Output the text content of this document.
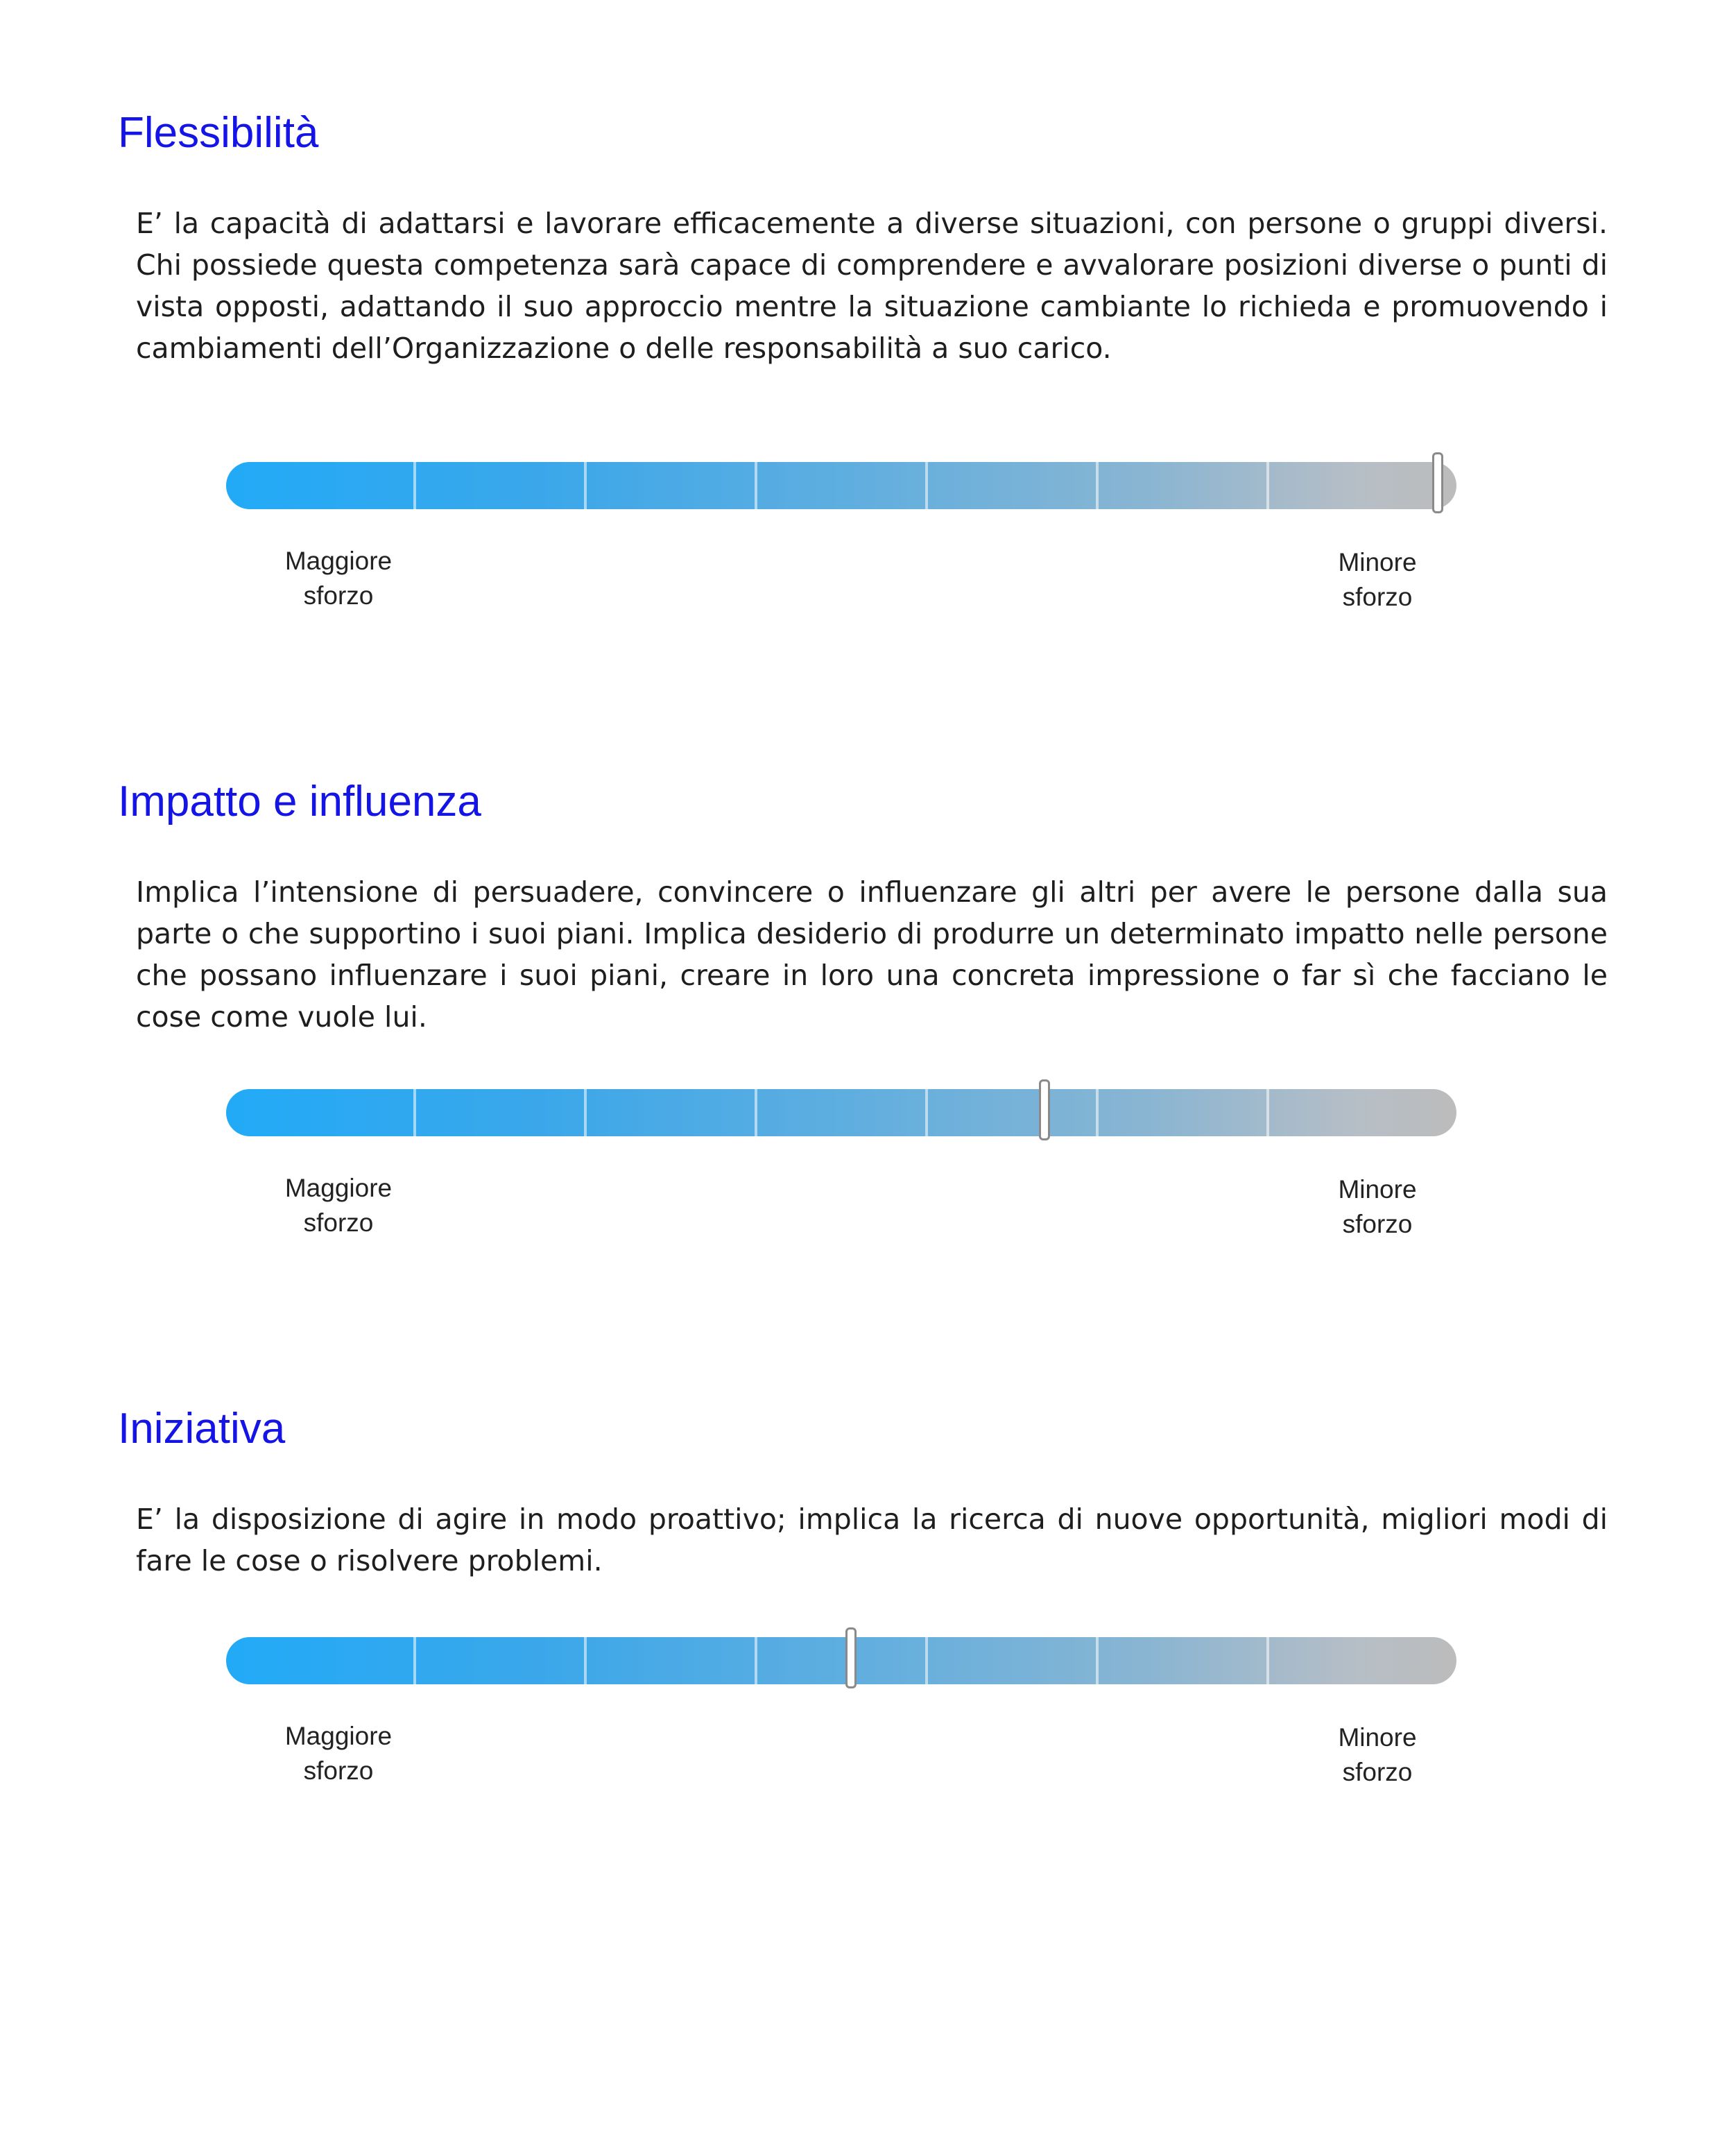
Flessibilità

E’ la capacità di adattarsi e lavorare efficacemente a diverse situazioni, con persone o gruppi diversi. Chi possiede questa competenza sarà capace di comprendere e avvalorare posizioni diverse o punti di vista opposti, adattando il suo approccio mentre la situazione cambiante lo richieda e promuovendo i cambiamenti dell’Organizzazione o delle responsabilità a suo carico.

Maggiore
sforzo
Minore
sforzo
Impatto e influenza

Implica l’intensione di persuadere, convincere o influenzare gli altri per avere le persone dalla sua parte o che supportino i suoi piani. Implica desiderio di produrre un determinato impatto nelle persone che possano influenzare i suoi piani, creare in loro una concreta impressione o far sì che facciano le cose come vuole lui.

Maggiore
sforzo
Minore
sforzo
Iniziativa

E’ la disposizione di agire in modo proattivo; implica la ricerca di nuove opportunità, migliori modi di fare le cose o risolvere problemi.

Maggiore
sforzo
Minore
sforzo
